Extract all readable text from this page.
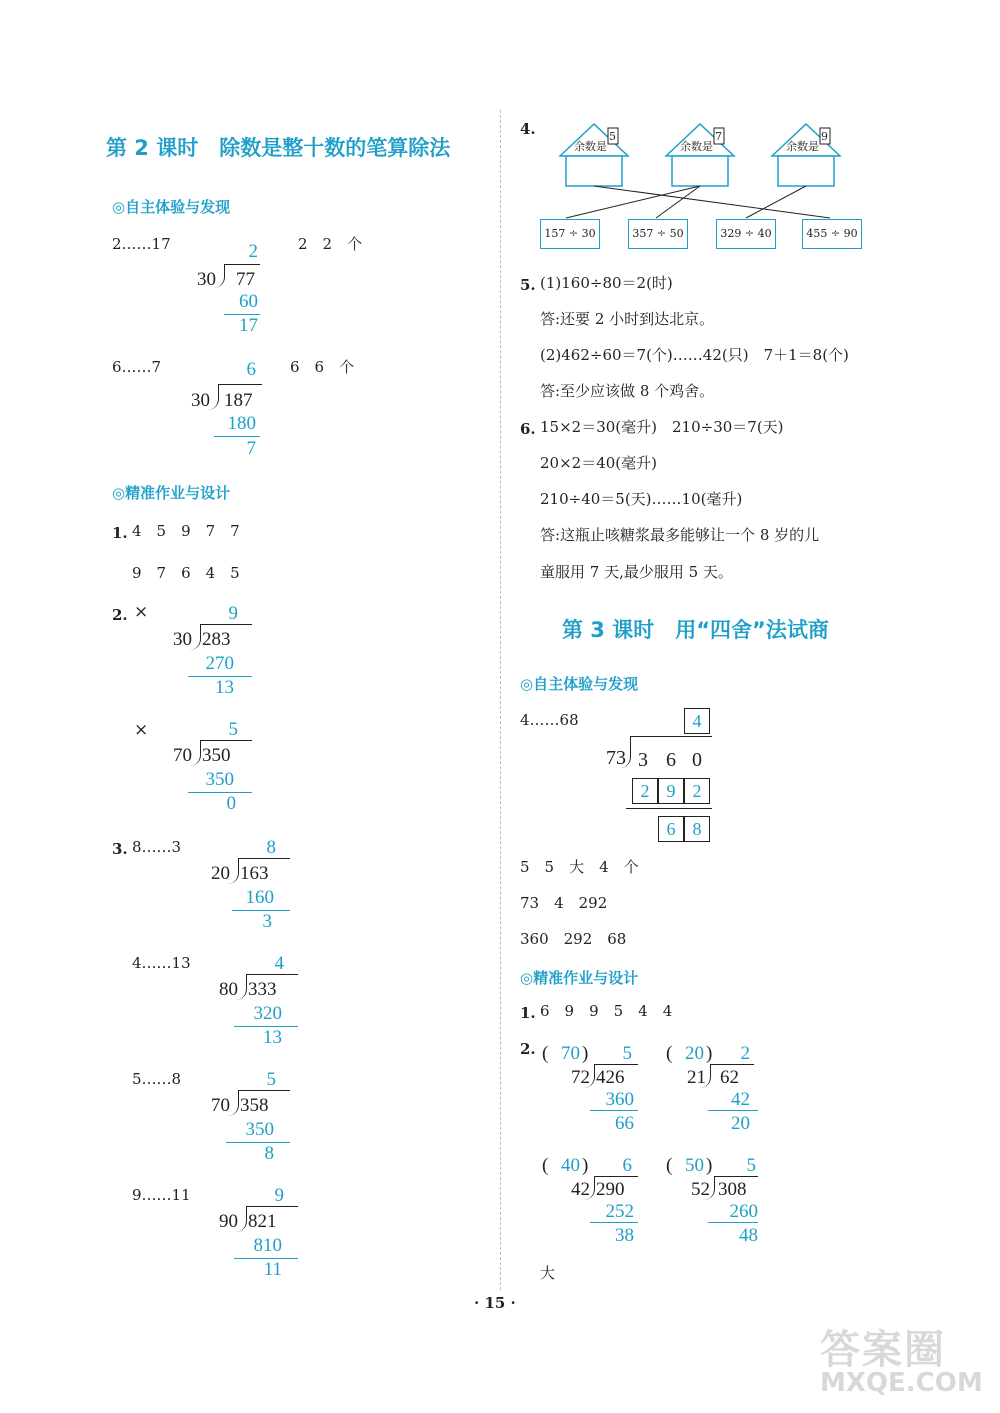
第 2 课时　除数是整十数的笔算除法
◎自主体验与发现
2……17	2　2　个
2
30 77
60
17
6……7	6　6　个
6
30 187
180
7
◎精准作业与设计
1. 4　5　9　7　7
9　7　6　4　5
2. ×	9
30 283
270
13
×	5
70 350
350
0
3. 8……3	8
20 163
160
3
4……13	4
80 333
320
13
5……8	5
70 358
350
8
9……11	9
90 821
810
11
4.
余数是
5
余数是
7
余数是
9
157 ÷ 30	357 ÷ 50	329 ÷ 40	455 ÷ 90
5. (1)160÷80＝2(时)
答:还要 2 小时到达北京。
(2)462÷60＝7(个)……42(只)　7＋1＝8(个)
答:至少应该做 8 个鸡舍。
6. 15×2＝30(毫升)　210÷30＝7(天)
20×2＝40(毫升)
210÷40＝5(天)……10(毫升)
答:这瓶止咳糖浆最多能够让一个 8 岁的儿
童服用 7 天,最少服用 5 天。
第 3 课时　用“四舍”法试商
◎自主体验与发现
4……68	4
73 3 6 0
2 9 2
6 8
5　5　大　4　个
73　4　292
360　292　68
◎精准作业与设计
1. 6　9　9　5　4　4
2. ( 70 )	5
72 426
360
66
( 20 )	2
21 62
42
20
( 40 )	6
42 290
252
38
( 50 )	5
52 308
260
48
大
· 15 ·
答案圈
MXQE.COM
